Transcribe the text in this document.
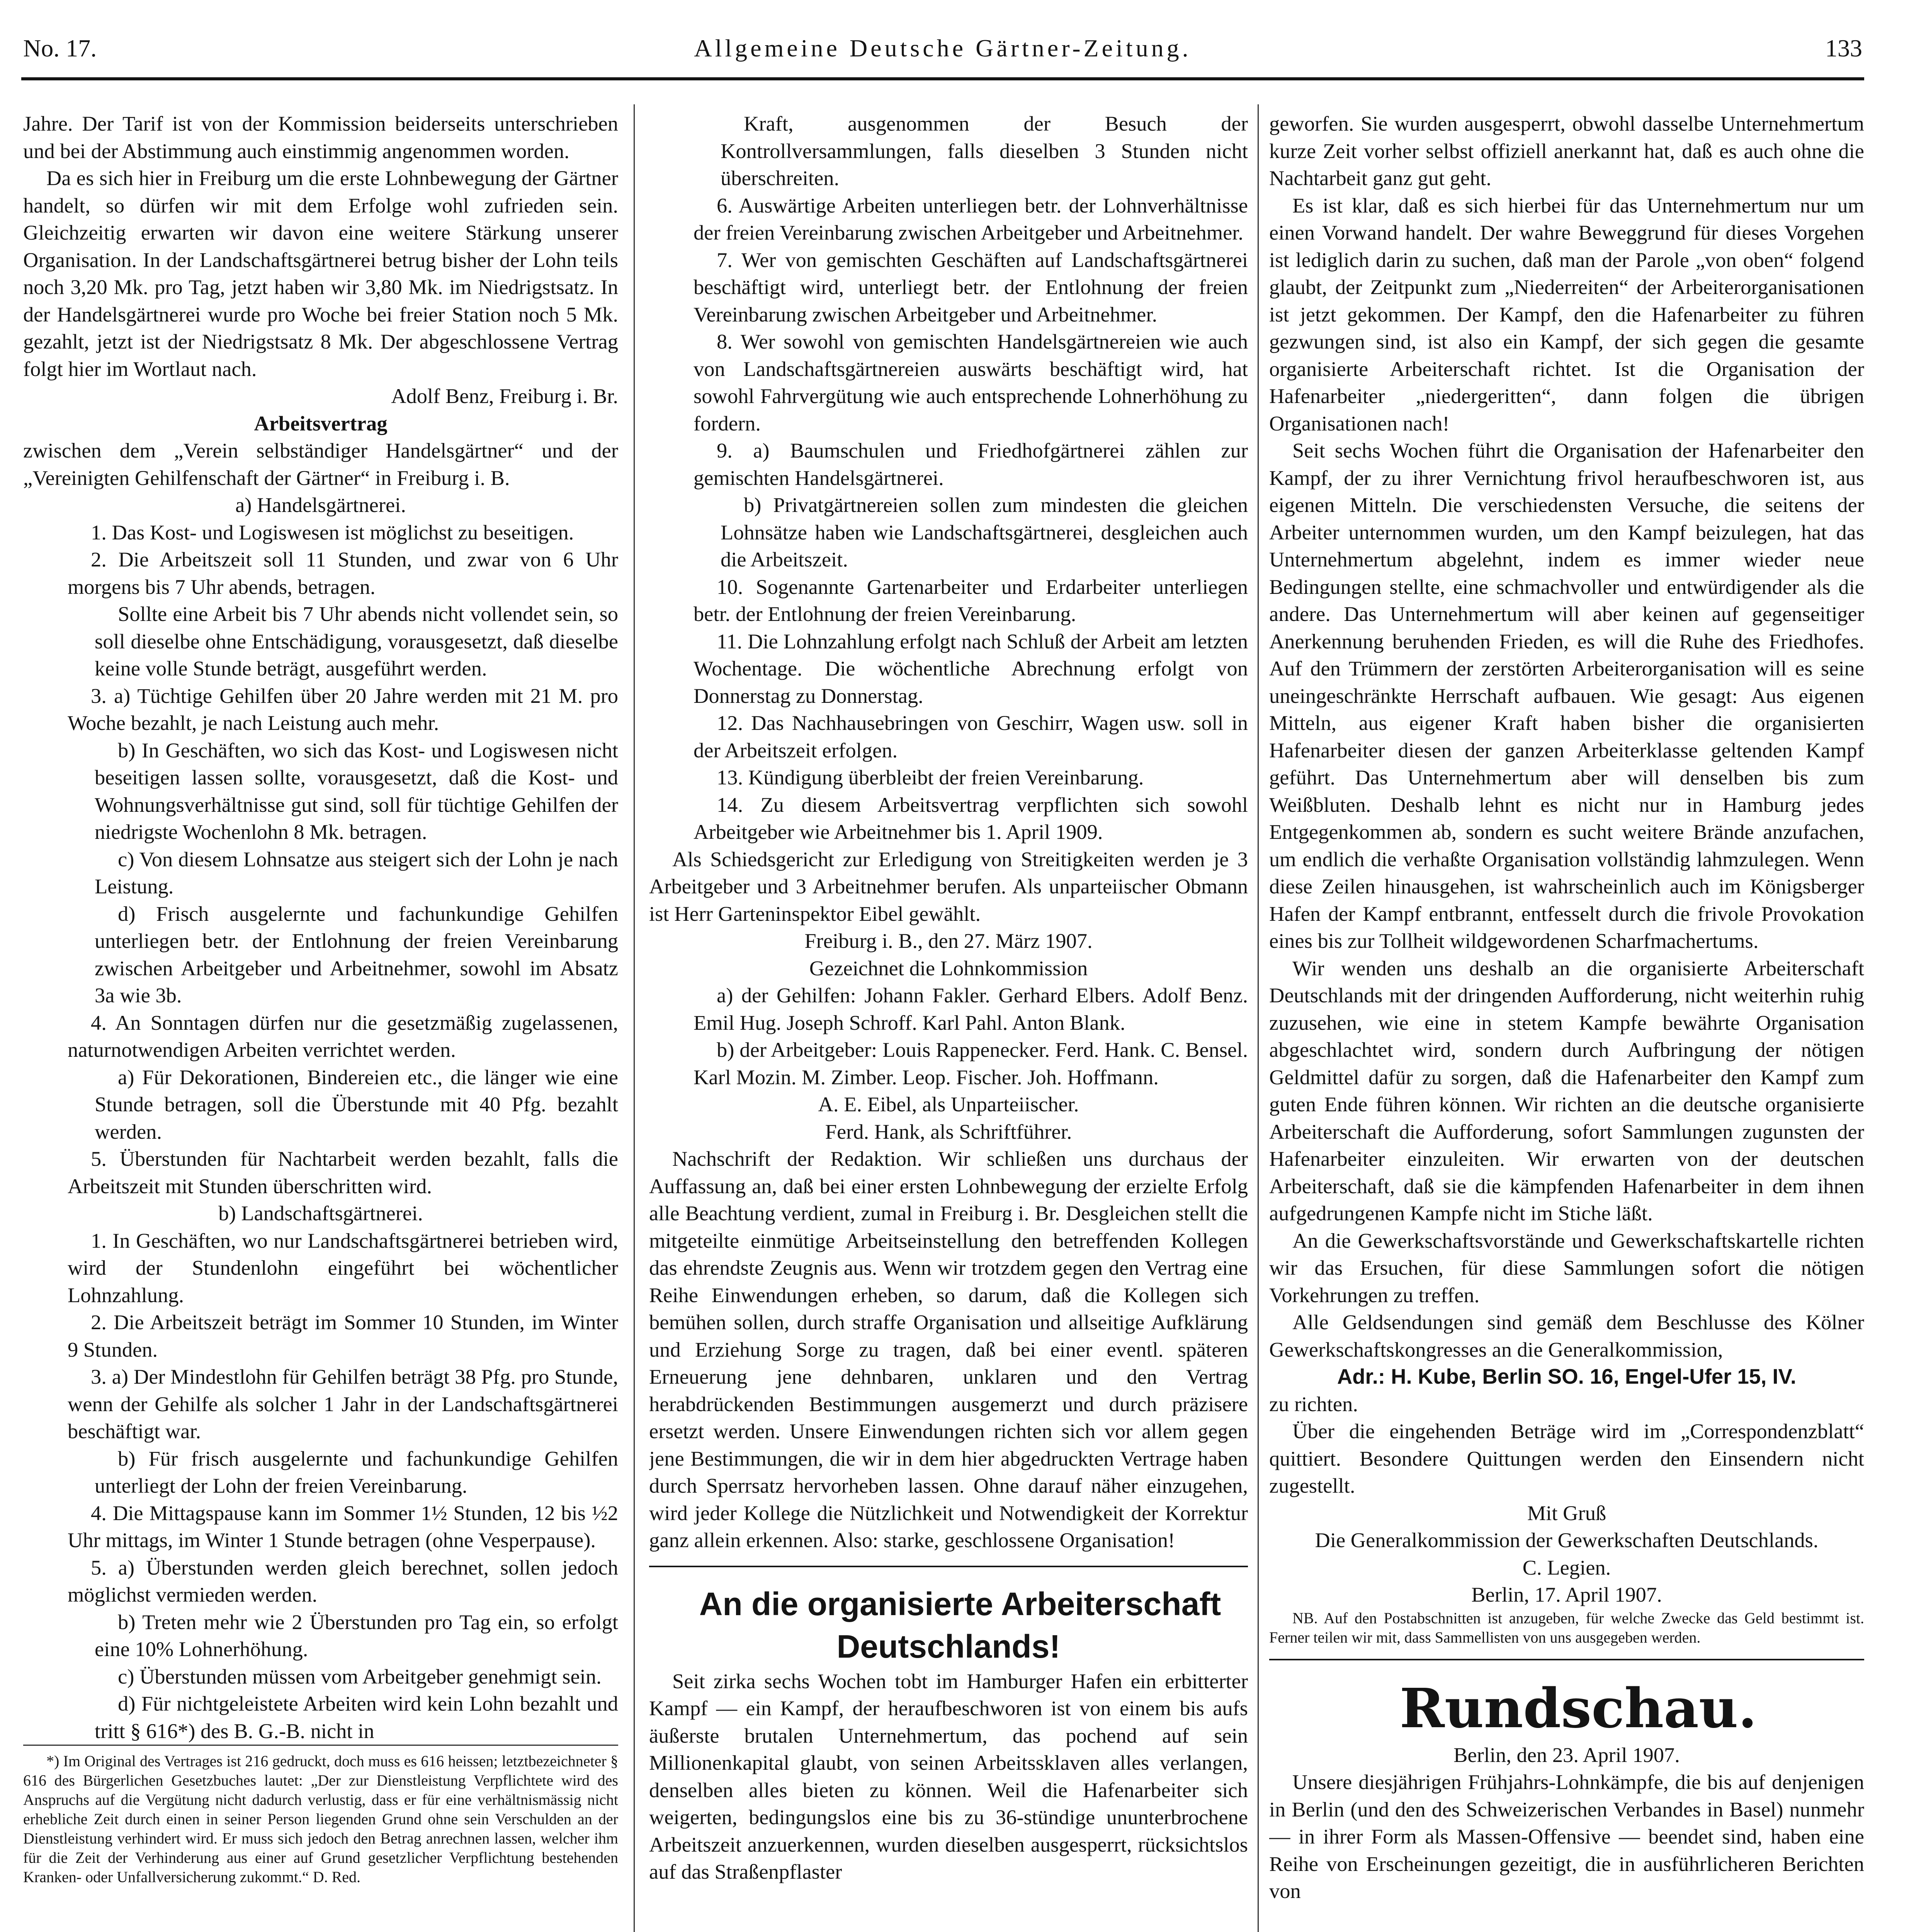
No. 17.	Allgemeine Deutsche Gärtner-Zeitung.	133

Jahre. Der Tarif ist von der Kommission beiderseits unterschrieben und bei der Abstimmung auch einstimmig angenommen worden.

Da es sich hier in Freiburg um die erste Lohnbewegung der Gärtner handelt, so dürfen wir mit dem Erfolge wohl zufrieden sein. Gleichzeitig erwarten wir davon eine weitere Stärkung unserer Organisation. In der Landschaftsgärtnerei betrug bisher der Lohn teils noch 3,20 Mk. pro Tag, jetzt haben wir 3,80 Mk. im Niedrigstsatz. In der Handelsgärtnerei wurde pro Woche bei freier Station noch 5 Mk. gezahlt, jetzt ist der Niedrigstsatz 8 Mk. Der abgeschlossene Vertrag folgt hier im Wortlaut nach.

Adolf Benz, Freiburg i. Br.

Arbeitsvertrag

zwischen dem „Verein selbständiger Handelsgärtner“ und der „Vereinigten Gehilfenschaft der Gärtner“ in Freiburg i. B.

a) Handelsgärtnerei.

1. Das Kost- und Logiswesen ist möglichst zu beseitigen.

2. Die Arbeitszeit soll 11 Stunden, und zwar von 6 Uhr morgens bis 7 Uhr abends, betragen.

Sollte eine Arbeit bis 7 Uhr abends nicht vollendet sein, so soll dieselbe ohne Entschädigung, vorausgesetzt, daß dieselbe keine volle Stunde beträgt, ausgeführt werden.

3. a) Tüchtige Gehilfen über 20 Jahre werden mit 21 M. pro Woche bezahlt, je nach Leistung auch mehr.

b) In Geschäften, wo sich das Kost- und Logiswesen nicht beseitigen lassen sollte, vorausgesetzt, daß die Kost- und Wohnungsverhältnisse gut sind, soll für tüchtige Gehilfen der niedrigste Wochenlohn 8 Mk. betragen.

c) Von diesem Lohnsatze aus steigert sich der Lohn je nach Leistung.

d) Frisch ausgelernte und fachunkundige Gehilfen unterliegen betr. der Entlohnung der freien Vereinbarung zwischen Arbeitgeber und Arbeitnehmer, sowohl im Absatz 3a wie 3b.

4. An Sonntagen dürfen nur die gesetzmäßig zugelassenen, naturnotwendigen Arbeiten verrichtet werden.

a) Für Dekorationen, Bindereien etc., die länger wie eine Stunde betragen, soll die Überstunde mit 40 Pfg. bezahlt werden.

5. Überstunden für Nachtarbeit werden bezahlt, falls die Arbeitszeit mit Stunden überschritten wird.

b) Landschaftsgärtnerei.

1. In Geschäften, wo nur Landschaftsgärtnerei betrieben wird, wird der Stundenlohn eingeführt bei wöchentlicher Lohnzahlung.

2. Die Arbeitszeit beträgt im Sommer 10 Stunden, im Winter 9 Stunden.

3. a) Der Mindestlohn für Gehilfen beträgt 38 Pfg. pro Stunde, wenn der Gehilfe als solcher 1 Jahr in der Landschaftsgärtnerei beschäftigt war.

b) Für frisch ausgelernte und fachunkundige Gehilfen unterliegt der Lohn der freien Vereinbarung.

4. Die Mittagspause kann im Sommer 1½ Stunden, 12 bis ½2 Uhr mittags, im Winter 1 Stunde betragen (ohne Vesperpause).

5. a) Überstunden werden gleich berechnet, sollen jedoch möglichst vermieden werden.

b) Treten mehr wie 2 Überstunden pro Tag ein, so erfolgt eine 10% Lohnerhöhung.

c) Überstunden müssen vom Arbeitgeber genehmigt sein.

d) Für nichtgeleistete Arbeiten wird kein Lohn bezahlt und tritt § 616*) des B. G.-B. nicht in

*) Im Original des Vertrages ist 216 gedruckt, doch muss es 616 heissen; letztbezeichneter § 616 des Bürgerlichen Gesetzbuches lautet: „Der zur Dienstleistung Verpflichtete wird des Anspruchs auf die Vergütung nicht dadurch verlustig, dass er für eine verhältnismässig nicht erhebliche Zeit durch einen in seiner Person liegenden Grund ohne sein Verschulden an der Dienstleistung verhindert wird. Er muss sich jedoch den Betrag anrechnen lassen, welcher ihm für die Zeit der Verhinderung aus einer auf Grund gesetzlicher Verpflichtung bestehenden Kranken- oder Unfallversicherung zukommt.“ D. Red.

Kraft, ausgenommen der Besuch der Kontrollversammlungen, falls dieselben 3 Stunden nicht überschreiten.

6. Auswärtige Arbeiten unterliegen betr. der Lohnverhältnisse der freien Vereinbarung zwischen Arbeitgeber und Arbeitnehmer.

7. Wer von gemischten Geschäften auf Landschaftsgärtnerei beschäftigt wird, unterliegt betr. der Entlohnung der freien Vereinbarung zwischen Arbeitgeber und Arbeitnehmer.

8. Wer sowohl von gemischten Handelsgärtnereien wie auch von Landschaftsgärtnereien auswärts beschäftigt wird, hat sowohl Fahrvergütung wie auch entsprechende Lohnerhöhung zu fordern.

9. a) Baumschulen und Friedhofgärtnerei zählen zur gemischten Handelsgärtnerei.

b) Privatgärtnereien sollen zum mindesten die gleichen Lohnsätze haben wie Landschaftsgärtnerei, desgleichen auch die Arbeitszeit.

10. Sogenannte Gartenarbeiter und Erdarbeiter unterliegen betr. der Entlohnung der freien Vereinbarung.

11. Die Lohnzahlung erfolgt nach Schluß der Arbeit am letzten Wochentage. Die wöchentliche Abrechnung erfolgt von Donnerstag zu Donnerstag.

12. Das Nachhausebringen von Geschirr, Wagen usw. soll in der Arbeitszeit erfolgen.

13. Kündigung überbleibt der freien Vereinbarung.

14. Zu diesem Arbeitsvertrag verpflichten sich sowohl Arbeitgeber wie Arbeitnehmer bis 1. April 1909.

Als Schiedsgericht zur Erledigung von Streitigkeiten werden je 3 Arbeitgeber und 3 Arbeitnehmer berufen. Als unparteiischer Obmann ist Herr Garteninspektor Eibel gewählt.

Freiburg i. B., den 27. März 1907.

Gezeichnet die Lohnkommission

a) der Gehilfen: Johann Fakler. Gerhard Elbers. Adolf Benz. Emil Hug. Joseph Schroff. Karl Pahl. Anton Blank.

b) der Arbeitgeber: Louis Rappenecker. Ferd. Hank. C. Bensel. Karl Mozin. M. Zimber. Leop. Fischer. Joh. Hoffmann.

A. E. Eibel, als Unparteiischer.

Ferd. Hank, als Schriftführer.

Nachschrift der Redaktion. Wir schließen uns durchaus der Auffassung an, daß bei einer ersten Lohnbewegung der erzielte Erfolg alle Beachtung verdient, zumal in Freiburg i. Br. Desgleichen stellt die mitgeteilte einmütige Arbeitseinstellung den betreffenden Kollegen das ehrendste Zeugnis aus. Wenn wir trotzdem gegen den Vertrag eine Reihe Einwendungen erheben, so darum, daß die Kollegen sich bemühen sollen, durch straffe Organisation und allseitige Aufklärung und Erziehung Sorge zu tragen, daß bei einer eventl. späteren Erneuerung jene dehnbaren, unklaren und den Vertrag herabdrückenden Bestimmungen ausgemerzt und durch präzisere ersetzt werden. Unsere Einwendungen richten sich vor allem gegen jene Bestimmungen, die wir in dem hier abgedruckten Vertrage haben durch Sperrsatz hervorheben lassen. Ohne darauf näher einzugehen, wird jeder Kollege die Nützlichkeit und Notwendigkeit der Korrektur ganz allein erkennen. Also: starke, geschlossene Organisation!

An die organisierte Arbeiterschaft Deutschlands!

Seit zirka sechs Wochen tobt im Hamburger Hafen ein erbitterter Kampf — ein Kampf, der heraufbeschworen ist von einem bis aufs äußerste brutalen Unternehmertum, das pochend auf sein Millionenkapital glaubt, von seinen Arbeitssklaven alles verlangen, denselben alles bieten zu können. Weil die Hafenarbeiter sich weigerten, bedingungslos eine bis zu 36-stündige ununterbrochene Arbeitszeit anzuerkennen, wurden dieselben ausgesperrt, rücksichtslos auf das Straßenpflaster

geworfen. Sie wurden ausgesperrt, obwohl dasselbe Unternehmertum kurze Zeit vorher selbst offiziell anerkannt hat, daß es auch ohne die Nachtarbeit ganz gut geht.

Es ist klar, daß es sich hierbei für das Unternehmertum nur um einen Vorwand handelt. Der wahre Beweggrund für dieses Vorgehen ist lediglich darin zu suchen, daß man der Parole „von oben“ folgend glaubt, der Zeitpunkt zum „Niederreiten“ der Arbeiterorganisationen ist jetzt gekommen. Der Kampf, den die Hafenarbeiter zu führen gezwungen sind, ist also ein Kampf, der sich gegen die gesamte organisierte Arbeiterschaft richtet. Ist die Organisation der Hafenarbeiter „niedergeritten“, dann folgen die übrigen Organisationen nach!

Seit sechs Wochen führt die Organisation der Hafenarbeiter den Kampf, der zu ihrer Vernichtung frivol heraufbeschworen ist, aus eigenen Mitteln. Die verschiedensten Versuche, die seitens der Arbeiter unternommen wurden, um den Kampf beizulegen, hat das Unternehmertum abgelehnt, indem es immer wieder neue Bedingungen stellte, eine schmachvoller und entwürdigender als die andere. Das Unternehmertum will aber keinen auf gegenseitiger Anerkennung beruhenden Frieden, es will die Ruhe des Friedhofes. Auf den Trümmern der zerstörten Arbeiterorganisation will es seine uneingeschränkte Herrschaft aufbauen. Wie gesagt: Aus eigenen Mitteln, aus eigener Kraft haben bisher die organisierten Hafenarbeiter diesen der ganzen Arbeiterklasse geltenden Kampf geführt. Das Unternehmertum aber will denselben bis zum Weißbluten. Deshalb lehnt es nicht nur in Hamburg jedes Entgegenkommen ab, sondern es sucht weitere Brände anzufachen, um endlich die verhaßte Organisation vollständig lahmzulegen. Wenn diese Zeilen hinausgehen, ist wahrscheinlich auch im Königsberger Hafen der Kampf entbrannt, entfesselt durch die frivole Provokation eines bis zur Tollheit wildgewordenen Scharfmachertums.

Wir wenden uns deshalb an die organisierte Arbeiterschaft Deutschlands mit der dringenden Aufforderung, nicht weiterhin ruhig zuzusehen, wie eine in stetem Kampfe bewährte Organisation abgeschlachtet wird, sondern durch Aufbringung der nötigen Geldmittel dafür zu sorgen, daß die Hafenarbeiter den Kampf zum guten Ende führen können. Wir richten an die deutsche organisierte Arbeiterschaft die Aufforderung, sofort Sammlungen zugunsten der Hafenarbeiter einzuleiten. Wir erwarten von der deutschen Arbeiterschaft, daß sie die kämpfenden Hafenarbeiter in dem ihnen aufgedrungenen Kampfe nicht im Stiche läßt.

An die Gewerkschaftsvorstände und Gewerkschaftskartelle richten wir das Ersuchen, für diese Sammlungen sofort die nötigen Vorkehrungen zu treffen.

Alle Geldsendungen sind gemäß dem Beschlusse des Kölner Gewerkschaftskongresses an die Generalkommission,

Adr.: H. Kube, Berlin SO. 16, Engel-Ufer 15, IV.

zu richten.

Über die eingehenden Beträge wird im „Correspondenzblatt“ quittiert. Besondere Quittungen werden den Einsendern nicht zugestellt.

Mit Gruß

Die Generalkommission der Gewerkschaften Deutschlands.

C. Legien.

Berlin, 17. April 1907.

NB. Auf den Postabschnitten ist anzugeben, für welche Zwecke das Geld bestimmt ist. Ferner teilen wir mit, dass Sammellisten von uns ausgegeben werden.

Rundschau.

Berlin, den 23. April 1907.

Unsere diesjährigen Frühjahrs-Lohnkämpfe, die bis auf denjenigen in Berlin (und den des Schweizerischen Verbandes in Basel) nunmehr — in ihrer Form als Massen-Offensive — beendet sind, haben eine Reihe von Erscheinungen gezeitigt, die in ausführlicheren Berichten von
